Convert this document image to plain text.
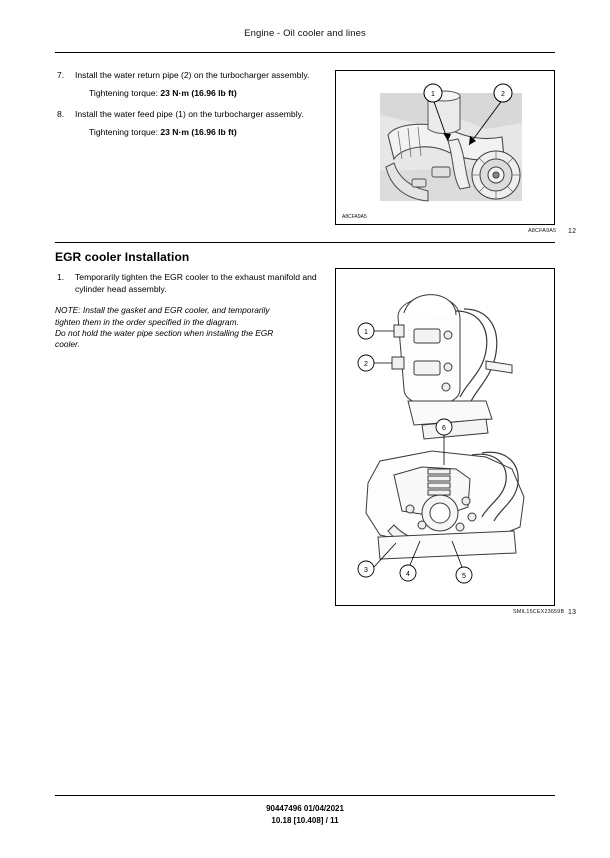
Engine - Oil cooler and lines
7.	Install the water return pipe (2) on the turbocharger assembly.
Tightening torque: 23 N·m (16.96 lb ft)
8.	Install the water feed pipe (1) on the turbocharger assembly.
Tightening torque: 23 N·m (16.96 lb ft)
1	2
A8CFA9A5
A8CFA9A5 12
EGR cooler Installation
1.	Temporarily tighten the EGR cooler to the exhaust manifold and cylinder head assembly.
NOTE: Install the gasket and EGR cooler, and temporarily
tighten them in the order specified in the diagram.
Do not hold the water pipe section when installing the EGR
cooler.
1
2
6
3
4	5
SMIL15CEX23659B 13
90447496 01/04/2021
10.18 [10.408] / 11
